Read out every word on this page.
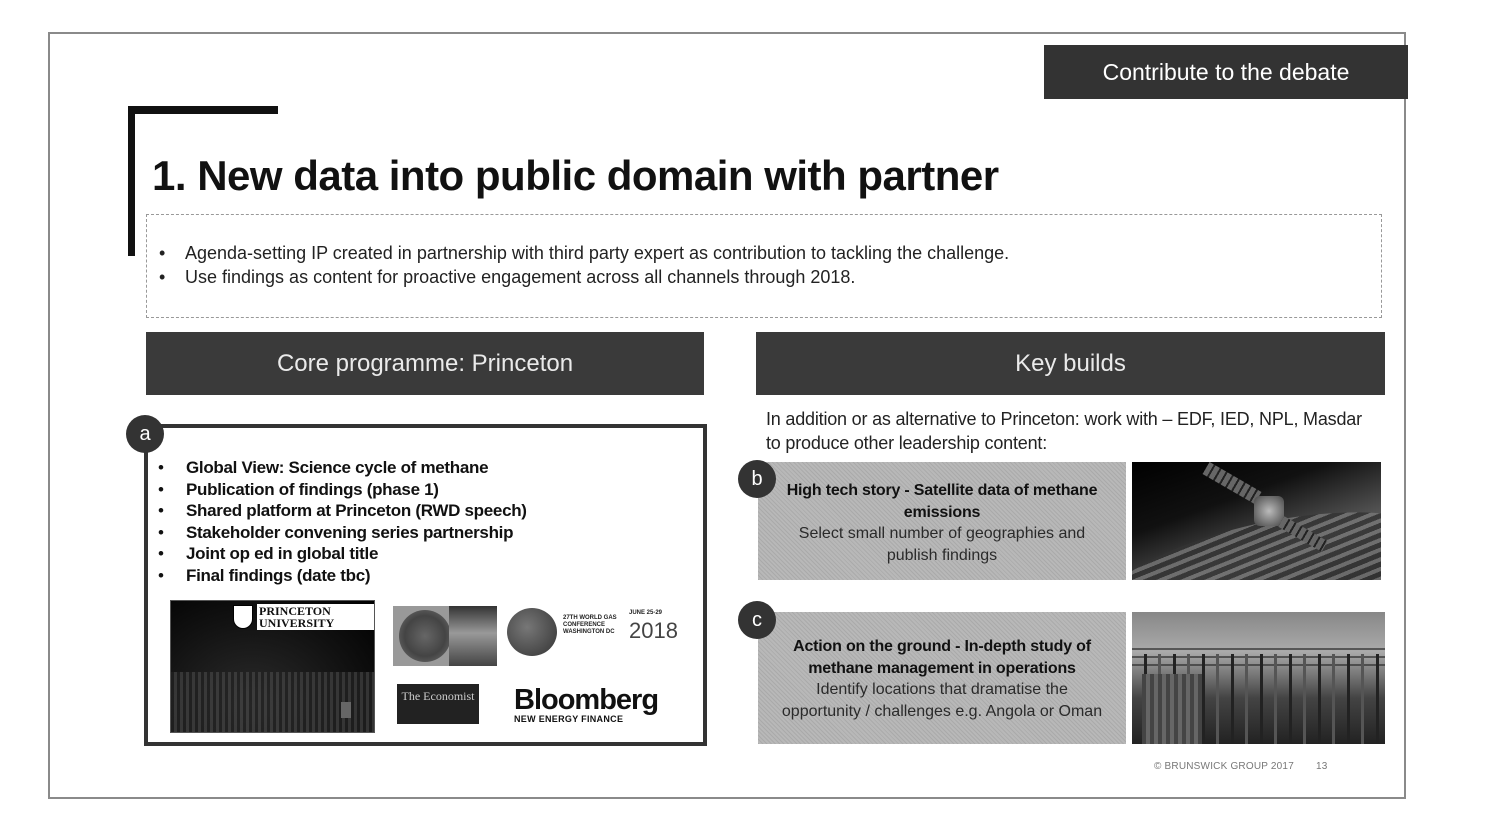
Contribute to the debate
1. New data into public domain with partner
• Agenda-setting IP created in partnership with third party expert as contribution to tackling the challenge.
• Use findings as content for proactive engagement across all channels through 2018.
Core programme: Princeton	Key builds
a
• Global View: Science cycle of methane
• Publication of findings (phase 1)
• Shared platform at Princeton (RWD speech)
• Stakeholder convening series partnership
• Joint op ed in global title
• Final findings (date tbc)
PRINCETON UNIVERSITY	27TH WORLD GAS CONFERENCE WASHINGTON DC
JUNE 25-29
2018
The Economist Bloomberg
NEW ENERGY FINANCE
In addition or as alternative to Princeton: work with – EDF, IED, NPL, Masdar to produce other leadership content:
High tech story - Satellite data of methane emissions
Select small number of geographies and publish findings
b
Action on the ground - In-depth study of methane management in operations
Identify locations that dramatise the opportunity / challenges e.g. Angola or Oman
c
© BRUNSWICK GROUP 2017 13
